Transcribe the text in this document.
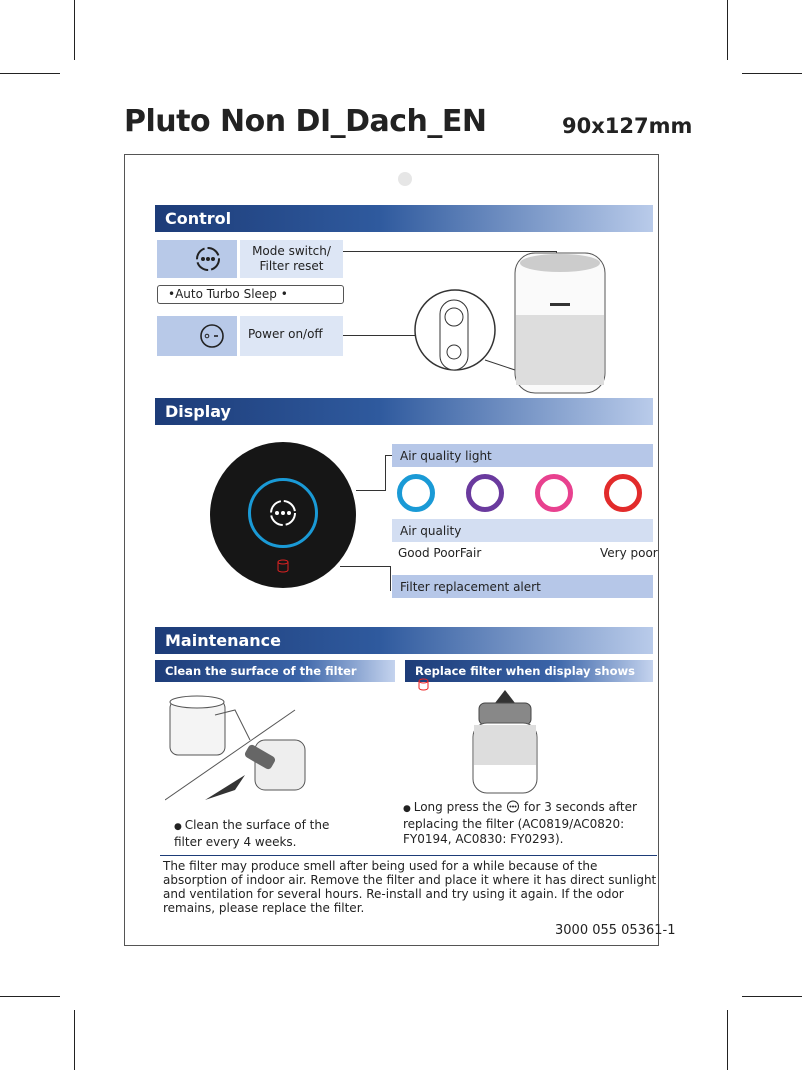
Pluto Non DI_Dach_EN	90x127mm
Control
Mode switch/ Filter reset
•Auto Turbo Sleep •
Power on/off
Display
Air quality light
Air quality
Good PoorFair	Very poor
Filter replacement alert
Maintenance
Clean the surface of the filter	Replace filter when display shows
● Clean the surface of the filter every 4 weeks.
● Long press the for 3 seconds after replacing the filter (AC0819/AC0820: FY0194, AC0830: FY0293).
The filter may produce smell after being used for a while because of the absorption of indoor air. Remove the filter and place it where it has direct sunlight and ventilation for several hours. Re-install and try using it again. If the odor remains, please replace the filter.
3000 055 05361-1
